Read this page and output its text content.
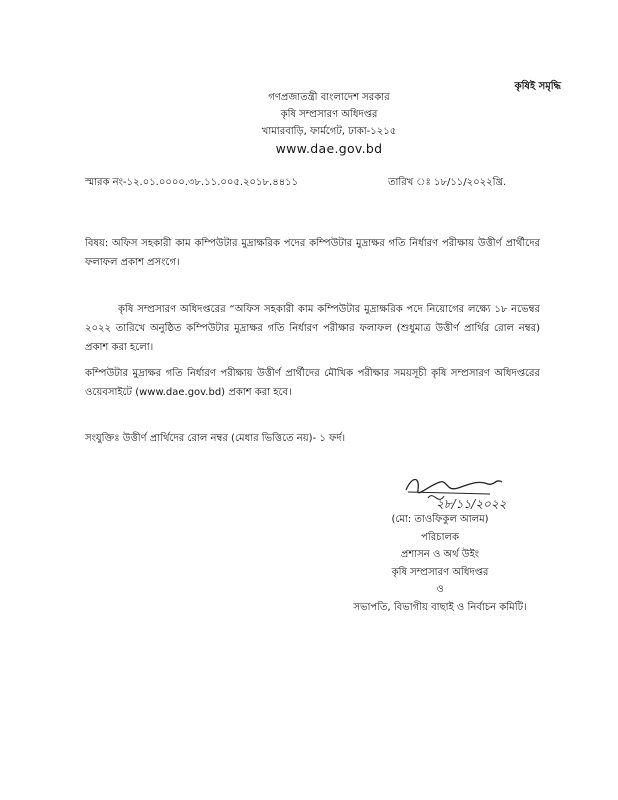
কৃষিই সমৃদ্ধি

গণপ্রজাতন্ত্রী বাংলাদেশ সরকার
কৃষি সম্প্রসারণ অধিদপ্তর
খামারবাড়ি, ফার্মগেট, ঢাকা-১২১৫
www.dae.gov.bd

স্মারক নং-১২.০১.০০০০.৩৮.১১.০০৫.২০১৮.৪৪১১	তারিখ ঃ ১৮/১১/২০২২খ্রি.

বিষয়: অফিস সহকারী কাম কম্পিউটার মুদ্রাক্ষরিক পদের কম্পিউটার মুদ্রাক্ষর গতি নির্ধারণ পরীক্ষায় উত্তীর্ণ প্রার্থীদের ফলাফল প্রকাশ প্রসংগে।

কৃষি সম্প্রসারণ অধিদপ্তরের “অফিস সহকারী কাম কম্পিউটার মুদ্রাক্ষরিক পদে নিয়োগের লক্ষ্যে ১৮ নভেম্বর ২০২২ তারিখে অনুষ্ঠিত কম্পিউটার মুদ্রাক্ষর গতি নির্ধারণ পরীক্ষার ফলাফল (শুধুমাত্র উত্তীর্ণ প্রার্থির রোল নম্বর) প্রকাশ করা হলো।

কম্পিউটার মুদ্রাক্ষর গতি নির্ধারণ পরীক্ষায় উত্তীর্ণ প্রার্থীদের মৌখিক পরীক্ষার সময়সূচী কৃষি সম্প্রসারণ অধিদপ্তরের ওয়েবসাইটে (www.dae.gov.bd) প্রকাশ করা হবে।

সংযুক্তিঃ উত্তীর্ণ প্রার্থিদের রোল নম্বর (মেধার ভিত্তিতে নয়)- ১ ফর্দ।

২৮/১১/২০২২
(মো: তাওফিকুল আলম)
পরিচালক
প্রশাসন ও অর্থ উইং
কৃষি সম্প্রসারণ অধিদপ্তর
ও
সভাপতি, বিভাগীয় বাছাই ও নির্বাচন কমিটি।
